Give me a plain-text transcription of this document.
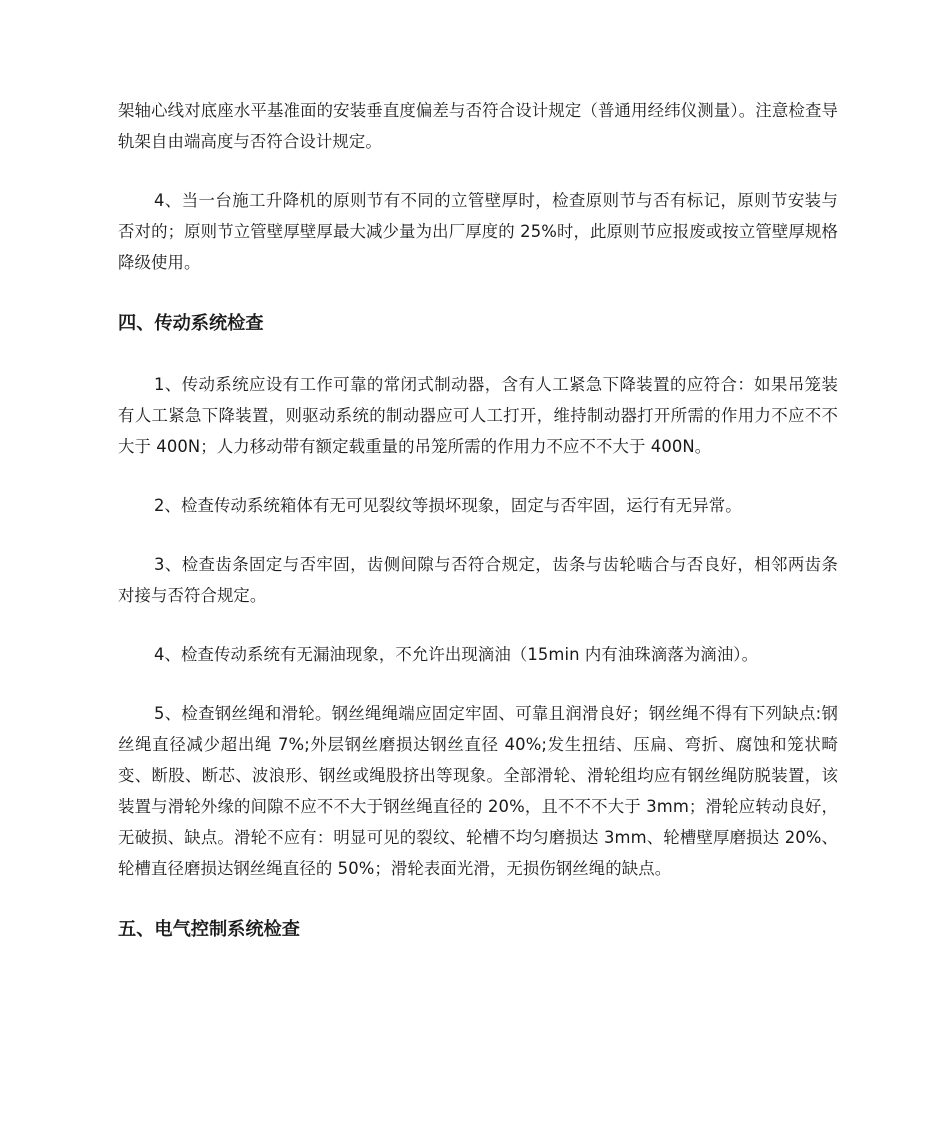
架轴心线对底座水平基准面的安装垂直度偏差与否符合设计规定（普通用经纬仪测量）。注意检查导轨架自由端高度与否符合设计规定。

4、当一台施工升降机的原则节有不同的立管壁厚时，检查原则节与否有标记，原则节安装与否对的；原则节立管壁厚壁厚最大减少量为出厂厚度的 25%时，此原则节应报废或按立管壁厚规格降级使用。

四、传动系统检查

1、传动系统应设有工作可靠的常闭式制动器，含有人工紧急下降装置的应符合：如果吊笼装有人工紧急下降装置，则驱动系统的制动器应可人工打开，维持制动器打开所需的作用力不应不不大于 400N；人力移动带有额定载重量的吊笼所需的作用力不应不不大于 400N。

2、检查传动系统箱体有无可见裂纹等损坏现象，固定与否牢固，运行有无异常。

3、检查齿条固定与否牢固，齿侧间隙与否符合规定，齿条与齿轮啮合与否良好，相邻两齿条对接与否符合规定。

4、检查传动系统有无漏油现象，不允许出现滴油（15min 内有油珠滴落为滴油）。

5、检查钢丝绳和滑轮。钢丝绳绳端应固定牢固、可靠且润滑良好；钢丝绳不得有下列缺点:钢丝绳直径减少超出绳 7%;外层钢丝磨损达钢丝直径 40%;发生扭结、压扁、弯折、腐蚀和笼状畸变、断股、断芯、波浪形、钢丝或绳股挤出等现象。全部滑轮、滑轮组均应有钢丝绳防脱装置，该装置与滑轮外缘的间隙不应不不大于钢丝绳直径的 20%，且不不不大于 3mm；滑轮应转动良好，无破损、缺点。滑轮不应有：明显可见的裂纹、轮槽不均匀磨损达 3mm、轮槽壁厚磨损达 20%、轮槽直径磨损达钢丝绳直径的 50%；滑轮表面光滑，无损伤钢丝绳的缺点。

五、电气控制系统检查
